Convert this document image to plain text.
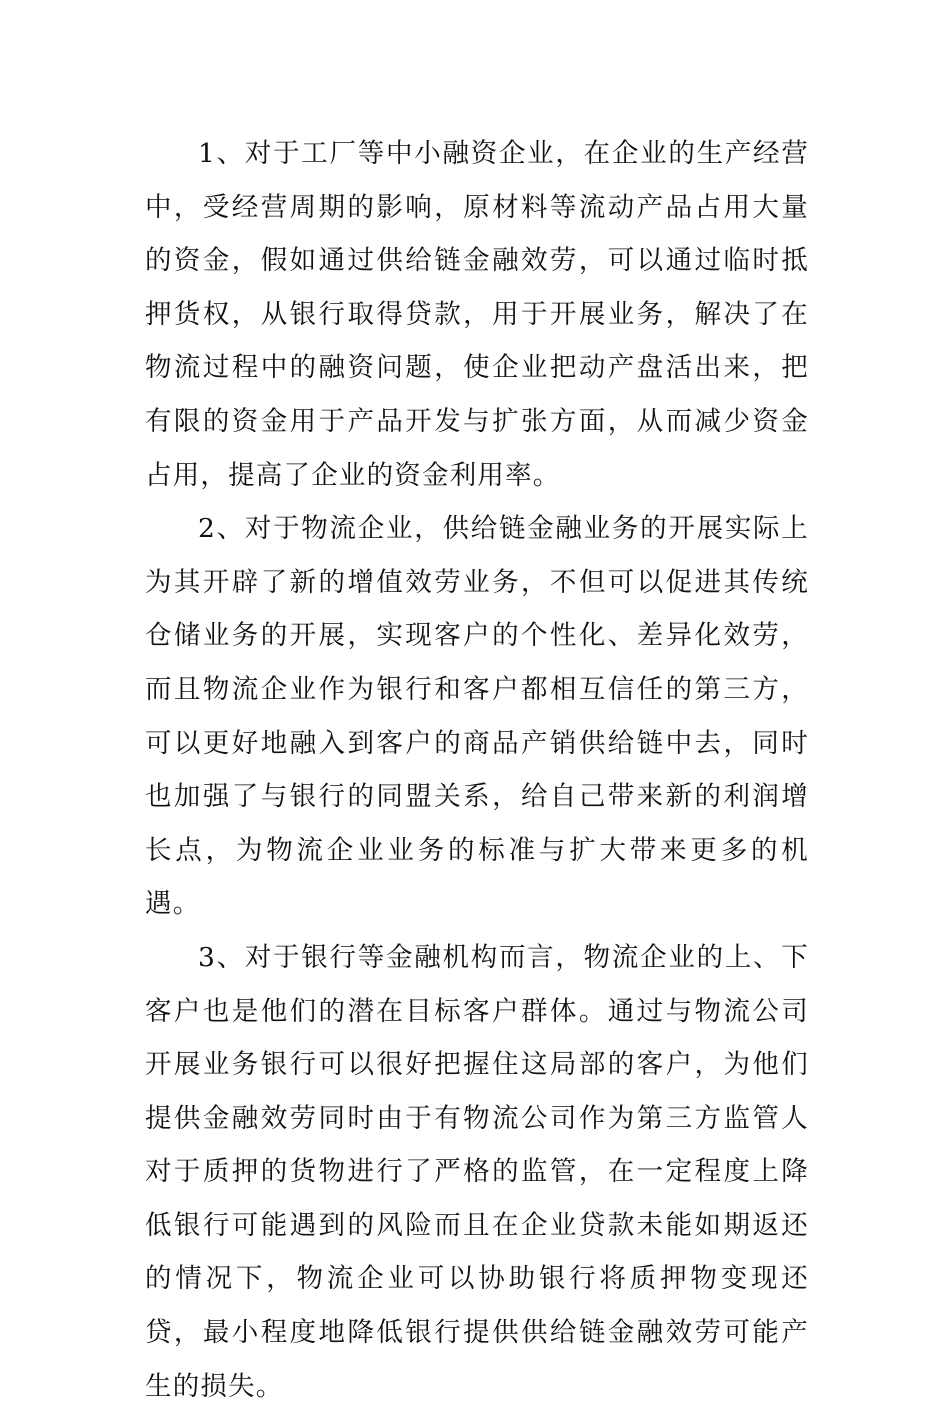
1、对于工厂等中小融资企业，在企业的生产经营中，受经营周期的影响，原材料等流动产品占用大量的资金，假如通过供给链金融效劳，可以通过临时抵押货权，从银行取得贷款，用于开展业务，解决了在物流过程中的融资问题，使企业把动产盘活出来，把有限的资金用于产品开发与扩张方面，从而减少资金占用，提高了企业的资金利用率。

2、对于物流企业，供给链金融业务的开展实际上为其开辟了新的增值效劳业务，不但可以促进其传统仓储业务的开展，实现客户的个性化、差异化效劳，而且物流企业作为银行和客户都相互信任的第三方，可以更好地融入到客户的商品产销供给链中去，同时也加强了与银行的同盟关系，给自己带来新的利润增长点，为物流企业业务的标准与扩大带来更多的机遇。

3、对于银行等金融机构而言，物流企业的上、下客户也是他们的潜在目标客户群体。通过与物流公司开展业务银行可以很好把握住这局部的客户，为他们提供金融效劳同时由于有物流公司作为第三方监管人对于质押的货物进行了严格的监管，在一定程度上降低银行可能遇到的风险而且在企业贷款未能如期返还的情况下，物流企业可以协助银行将质押物变现还贷，最小程度地降低银行提供供给链金融效劳可能产生的损失。
